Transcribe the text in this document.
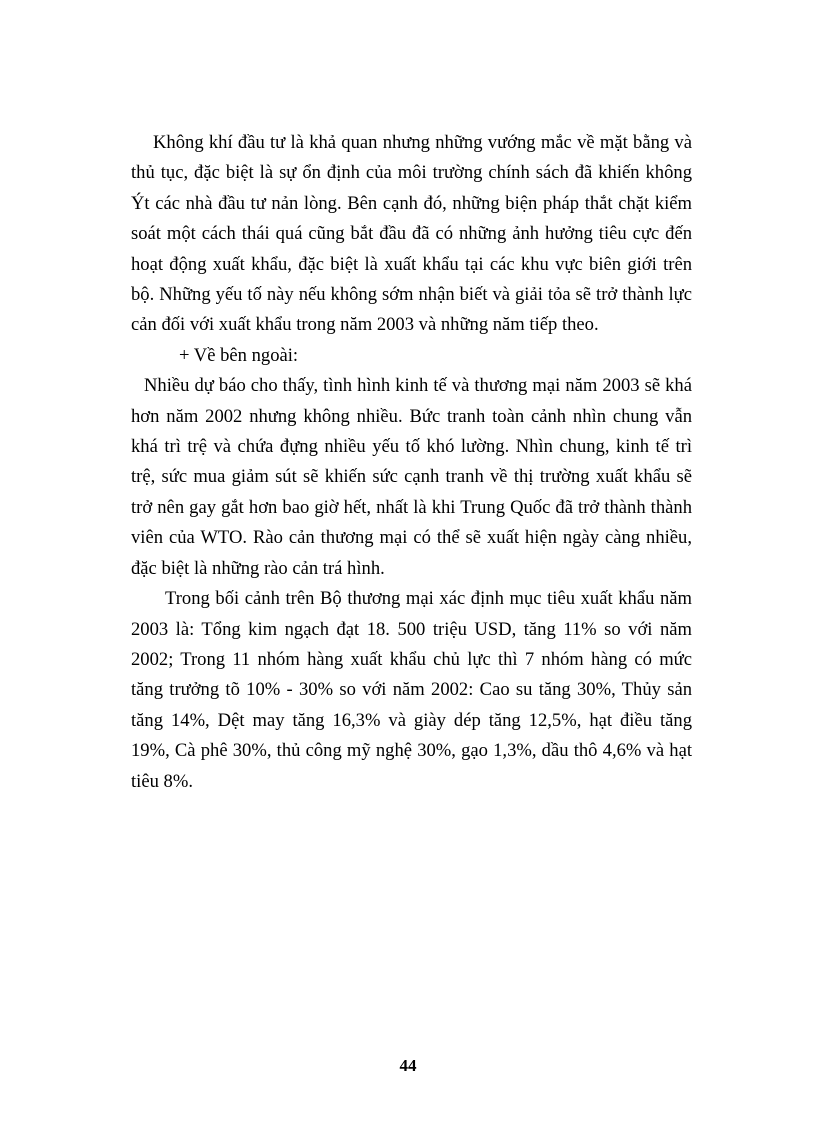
Không khí đầu tư là khả quan nhưng những vướng mắc về mặt bằng và thủ tục, đặc biệt là sự ổn định của môi trường chính sách đã khiến không Ýt các nhà đầu tư nản lòng. Bên cạnh đó, những biện pháp thắt chặt kiểm soát một cách thái quá cũng bắt đầu đã có những ảnh hưởng tiêu cực đến hoạt động xuất khẩu, đặc biệt là xuất khẩu tại các khu vực biên giới trên bộ. Những yếu tố này nếu không sớm nhận biết và giải tỏa sẽ trở thành lực cản đối với xuất khẩu trong năm 2003 và những năm tiếp theo.

+ Về bên ngoài:

Nhiều dự báo cho thấy, tình hình kinh tế và thương mại năm 2003 sẽ khá hơn năm 2002 nhưng không nhiều. Bức tranh toàn cảnh nhìn chung vẫn khá trì trệ và chứa đựng nhiều yếu tố khó lường. Nhìn chung, kinh tế trì trệ, sức mua giảm sút sẽ khiến sức cạnh tranh về thị trường xuất khẩu sẽ trở nên gay gắt hơn bao giờ hết, nhất là khi Trung Quốc đã trở thành thành viên của WTO. Rào cản thương mại có thể sẽ xuất hiện ngày càng nhiều, đặc biệt là những rào cản trá hình.

Trong bối cảnh trên Bộ thương mại xác định mục tiêu xuất khẩu năm 2003 là: Tổng kim ngạch đạt 18. 500 triệu USD, tăng 11% so với năm 2002; Trong 11 nhóm hàng xuất khẩu chủ lực thì 7 nhóm hàng có mức tăng trưởng tõ 10% - 30% so với năm 2002: Cao su tăng 30%, Thủy sản tăng 14%, Dệt may tăng 16,3% và giày dép tăng 12,5%, hạt điều tăng 19%, Cà phê 30%, thủ công mỹ nghệ 30%, gạo 1,3%, dầu thô 4,6% và hạt tiêu 8%.

44
